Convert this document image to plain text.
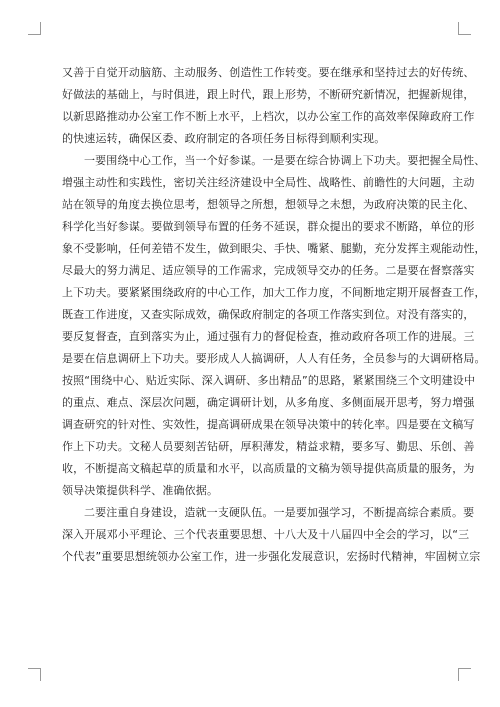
又善于自觉开动脑筋、主动服务、创造性工作转变。要在继承和坚持过去的好传统、
好做法的基础上，与时俱进，跟上时代，跟上形势，不断研究新情况，把握新规律，
以新思路推动办公室工作不断上水平，上档次，以办公室工作的高效率保障政府工作
的快速运转，确保区委、政府制定的各项任务目标得到顺利实现。
一要围绕中心工作，当一个好参谋。一是要在综合协调上下功夫。要把握全局性、
增强主动性和实践性，密切关注经济建设中全局性、战略性、前瞻性的大问题，主动
站在领导的角度去换位思考，想领导之所想，想领导之未想，为政府决策的民主化、
科学化当好参谋。要做到领导布置的任务不延误，群众提出的要求不断路，单位的形
象不受影响，任何差错不发生，做到眼尖、手快、嘴紧、腿勤，充分发挥主观能动性，
尽最大的努力满足、适应领导的工作需求，完成领导交办的任务。二是要在督察落实
上下功夫。要紧紧围绕政府的中心工作，加大工作力度，不间断地定期开展督查工作，
既查工作进度，又查实际成效，确保政府制定的各项工作落实到位。对没有落实的，
要反复督查，直到落实为止，通过强有力的督促检查，推动政府各项工作的进展。三
是要在信息调研上下功夫。要形成人人搞调研，人人有任务，全员参与的大调研格局。
按照“围绕中心、贴近实际、深入调研、多出精品”的思路，紧紧围绕三个文明建设中
的重点、难点、深层次问题，确定调研计划，从多角度、多侧面展开思考，努力增强
调查研究的针对性、实效性，提高调研成果在领导决策中的转化率。四是要在文稿写
作上下功夫。文秘人员要刻苦钻研，厚积薄发，精益求精，要多写、勤思、乐创、善
收，不断提高文稿起草的质量和水平，以高质量的文稿为领导提供高质量的服务，为
领导决策提供科学、准确依据。
二要注重自身建设，造就一支硬队伍。一是要加强学习，不断提高综合素质。要
深入开展邓小平理论、三个代表重要思想、十八大及十八届四中全会的学习，以“三
个代表”重要思想统领办公室工作，进一步强化发展意识，宏扬时代精神，牢固树立宗
